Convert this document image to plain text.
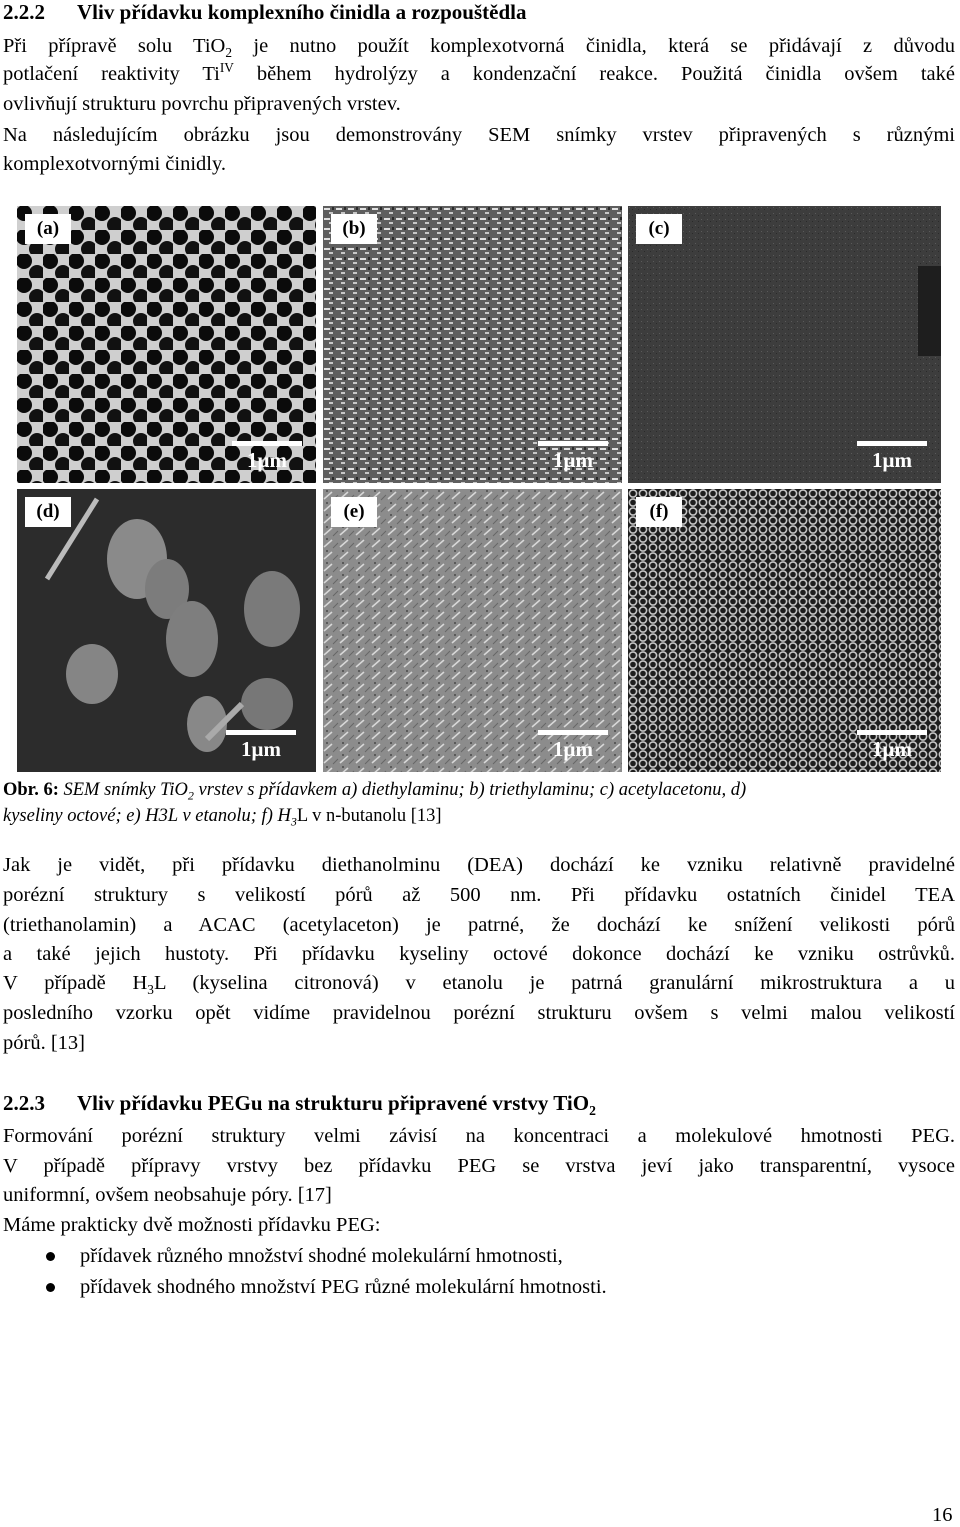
2.2.2 Vliv přídavku komplexního činidla a rozpouštědla
Při přípravě solu TiO$_2$ je nutno použít komplexotvorná činidla, která se přidávají z důvodu
potlačení reaktivity $Ti^{IV}$ během hydrolýzy a kondenzační reakce. Použitá činidla ovšem také
ovlivňují strukturu povrchu připravených vrstev.
Na následujícím obrázku jsou demonstrovány SEM snímky vrstev připravených s různými
komplexotvornými činidly.
(a)
1μm
(b)
1μm
(c)
1μm
(d)
1μm
(e)
1μm
(f)
1μm
Obr. 6: SEM snímky TiO$_2$ vrstev s přídavkem a) diethylaminu; b) triethylaminu; c) acetylacetonu, d)
kyseliny octové; e) H3L v etanolu; f) $H_3L$ v n-butanolu [13]
Jak je vidět, při přídavku diethanolminu (DEA) dochází ke vzniku relativně pravidelné
porézní struktury s velikostí pórů až 500 nm. Při přídavku ostatních činidel TEA
(triethanolamin) a ACAC (acetylaceton) je patrné, že dochází ke snížení velikosti pórů
a také jejich hustoty. Při přídavku kyseliny octové dokonce dochází ke vzniku ostrůvků.
V případě $H_3L$ (kyselina citronová) v etanolu je patrná granulární mikrostruktura a u
posledního vzorku opět vidíme pravidelnou porézní strukturu ovšem s velmi malou velikostí
pórů. [13]
2.2.3 Vliv přídavku PEGu na strukturu připravené vrstvy TiO$_2$
Formování porézní struktury velmi závisí na koncentraci a molekulové hmotnosti PEG.
V případě přípravy vrstvy bez přídavku PEG se vrstva jeví jako transparentní, vysoce
uniformní, ovšem neobsahuje póry. [17]
Máme prakticky dvě možnosti přídavku PEG:
přídavek různého množství shodné molekulární hmotnosti,
přídavek shodného množství PEG různé molekulární hmotnosti.
16
